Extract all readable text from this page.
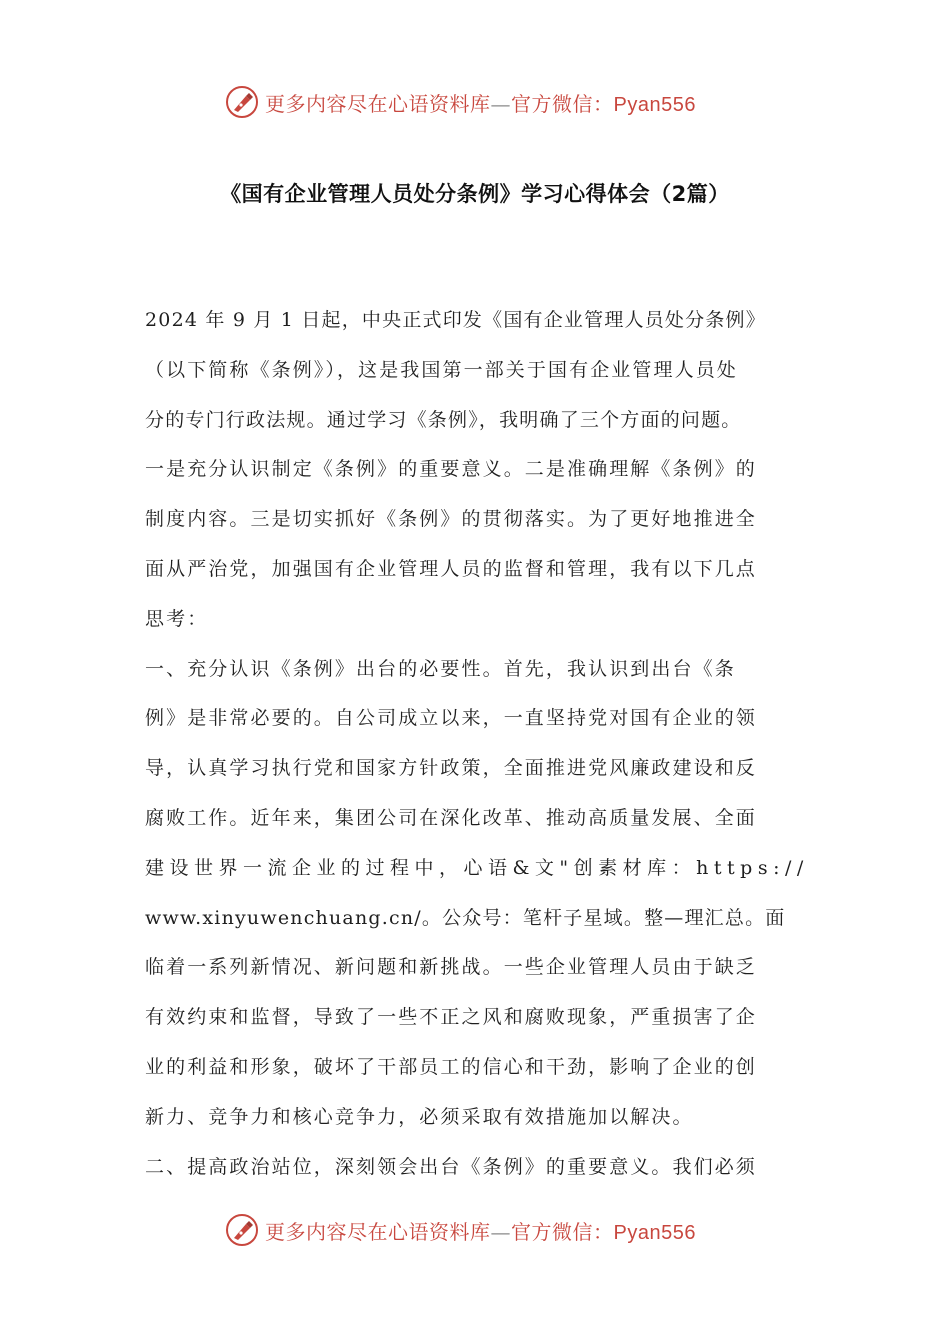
更多内容尽在心语资料库—官方微信：Pyan556
《国有企业管理人员处分条例》学习心得体会（2篇）
2024 年 9 月 1 日起，中央正式印发《国有企业管理人员处分条例》
（以下简称《条例》），这是我国第一部关于国有企业管理人员处
分的专门行政法规。通过学习《条例》，我明确了三个方面的问题。
一是充分认识制定《条例》的重要意义。二是准确理解《条例》的
制度内容。三是切实抓好《条例》的贯彻落实。为了更好地推进全
面从严治党，加强国有企业管理人员的监督和管理，我有以下几点
思考：
一、充分认识《条例》出台的必要性。首先，我认识到出台《条
例》是非常必要的。自公司成立以来，一直坚持党对国有企业的领
导，认真学习执行党和国家方针政策，全面推进党风廉政建设和反
腐败工作。近年来，集团公司在深化改革、推动高质量发展、全面
建设世界一流企业的过程中，心语&文"创素材库：https://
www.xinyuwenchuang.cn/。公众号：笔杆子星域。整—理汇总。面
临着一系列新情况、新问题和新挑战。一些企业管理人员由于缺乏
有效约束和监督，导致了一些不正之风和腐败现象，严重损害了企
业的利益和形象，破坏了干部员工的信心和干劲，影响了企业的创
新力、竞争力和核心竞争力，必须采取有效措施加以解决。
二、提高政治站位，深刻领会出台《条例》的重要意义。我们必须
更多内容尽在心语资料库—官方微信：Pyan556
